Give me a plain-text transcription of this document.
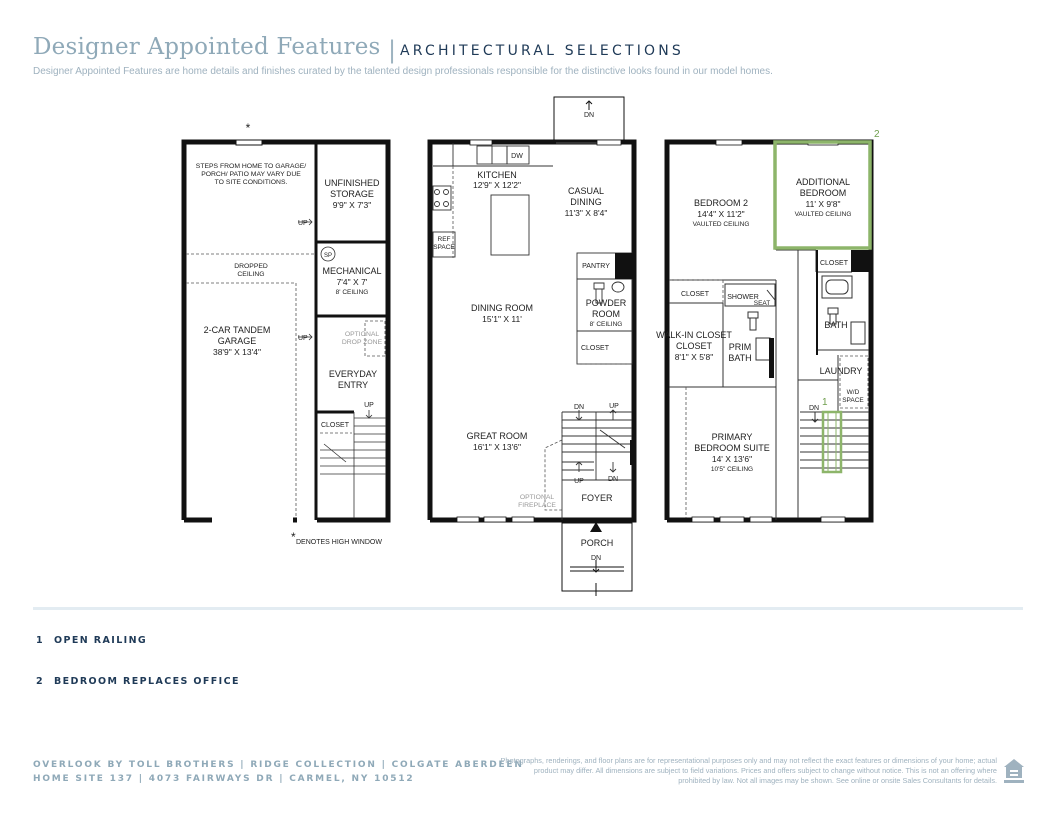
Designer Appointed Features | ARCHITECTURAL SELECTIONS
Designer Appointed Features are home details and finishes curated by the talented design professionals responsible for the distinctive looks found in our model homes.
*
STEPS FROM HOME TO GARAGE/
PORCH/ PATIO MAY VARY DUE
TO SITE CONDITIONS.	UNFINISHED
STORAGE
9'9" X 7'3"
UP
SP
MECHANICAL
7'4" X 7'
8' CEILING
DROPPED
CEILING
OPTIONAL
DROP ZONE
UP
2-CAR TANDEM
GARAGE
38'9" X 13'4"
EVERYDAY
ENTRY
UP
CLOSET
* DENOTES HIGH WINDOW
KITCHEN
12'9" X 12'2"
DW
CASUAL
DINING
11'3" X 8'4"
REF
SPACE
PANTRY
POWDER
ROOM
8' CEILING
CLOSET
DINING ROOM
15'1" X 11'
GREAT ROOM
16'1" X 13'6"
OPTIONAL
FIREPLACE
DN
DN	UP
UP	DN
FOYER
PORCH
DN
2
1
BEDROOM 2
14'4" X 11'2"
VAULTED CEILING
ADDITIONAL
BEDROOM
11' X 9'8"
VAULTED CEILING
CLOSET
CLOSET	SHOWER
SEAT
BATH
WALK-IN CLOSET
CLOSET
8'1" X 5'8"
PRIM
BATH
LAUNDRY
W/D
SPACE
DN
PRIMARY
BEDROOM SUITE
14' X 13'6"
10'5" CEILING
1 OPEN RAILING
2 BEDROOM REPLACES OFFICE
OVERLOOK BY TOLL BROTHERS | RIDGE COLLECTION | COLGATE ABERDEEN
HOME SITE 137 | 4073 FAIRWAYS DR | CARMEL, NY 10512
Photographs, renderings, and floor plans are for representational purposes only and may not reflect the exact features or dimensions of your home; actual product may differ. All dimensions are subject to field variations. Prices and offers subject to change without notice. This is not an offering where prohibited by law. Not all images may be shown. See online or onsite Sales Consultants for details.
